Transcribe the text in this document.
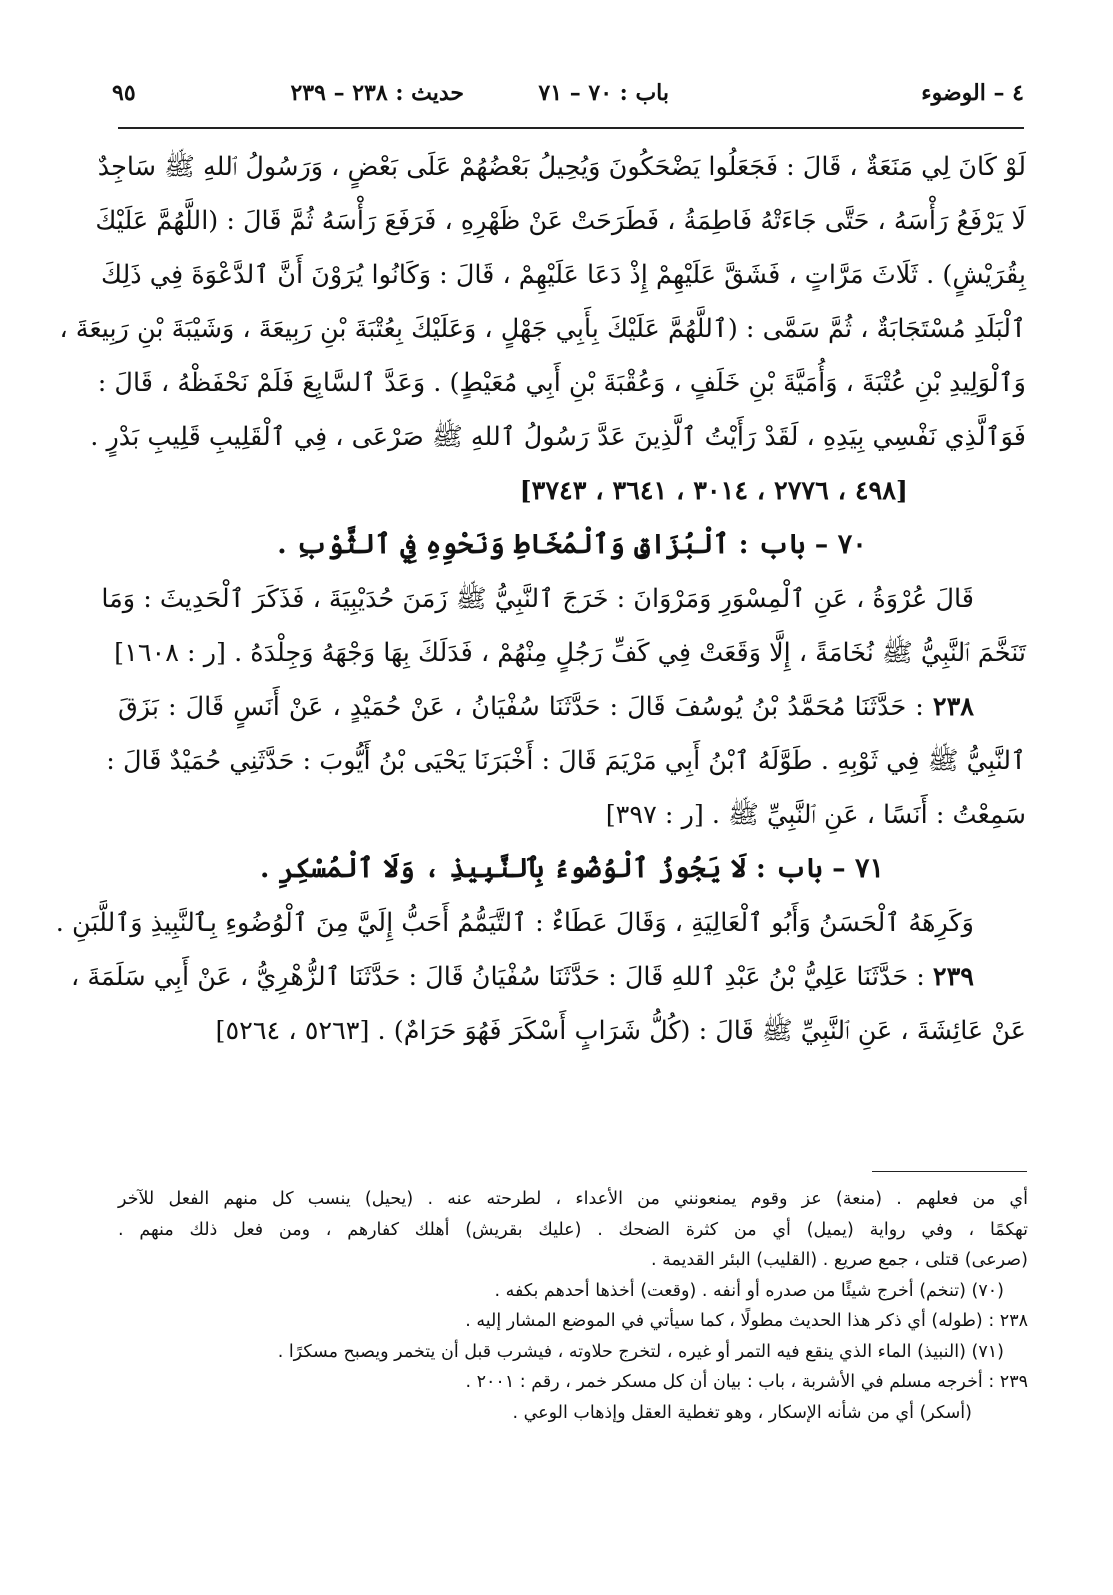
٤ – الوضوء
باب : ٧٠ – ٧١
حديث : ٢٣٨ – ٢٣٩
٩٥
لَوْ كَانَ لِي مَنَعَةٌ ، قَالَ : فَجَعَلُوا يَضْحَكُونَ وَيُحِيلُ بَعْضُهُمْ عَلَى بَعْضٍ ، وَرَسُولُ ٱللهِ ﷺ سَاجِدٌ
لَا يَرْفَعُ رَأْسَهُ ، حَتَّى جَاءَتْهُ فَاطِمَةُ ، فَطَرَحَتْ عَنْ ظَهْرِهِ ، فَرَفَعَ رَأْسَهُ ثُمَّ قَالَ : (اللَّهُمَّ عَلَيْكَ
بِقُرَيْشٍ) . ثَلَاثَ مَرَّاتٍ ، فَشَقَّ عَلَيْهِمْ إِذْ دَعَا عَلَيْهِمْ ، قَالَ : وَكَانُوا يُرَوْنَ أَنَّ ٱلدَّعْوَةَ فِي ذَلِكَ
ٱلْبَلَدِ مُسْتَجَابَةٌ ، ثُمَّ سَمَّى : (ٱللَّهُمَّ عَلَيْكَ بِأَبِي جَهْلٍ ، وَعَلَيْكَ بِعُتْبَةَ بْنِ رَبِيعَةَ ، وَشَيْبَةَ بْنِ رَبِيعَةَ ،
وَٱلْوَلِيدِ بْنِ عُتْبَةَ ، وَأُمَيَّةَ بْنِ خَلَفٍ ، وَعُقْبَةَ بْنِ أَبِي مُعَيْطٍ) . وَعَدَّ ٱلسَّابِعَ فَلَمْ نَحْفَظْهُ ، قَالَ :
فَوَٱلَّذِي نَفْسِي بِيَدِهِ ، لَقَدْ رَأَيْتُ ٱلَّذِينَ عَدَّ رَسُولُ ٱللهِ ﷺ صَرْعَى ، فِي ٱلْقَلِيبِ قَلِيبِ بَدْرٍ .
[٤٩٨ ، ٢٧٧٦ ، ٣٠١٤ ، ٣٦٤١ ، ٣٧٤٣]
٧٠ – باب : ٱلْبُزَاقِ وَٱلْمُخَاطِ وَنَحْوِهِ فِي ٱلثَّوْبِ .
قَالَ عُرْوَةُ ، عَنِ ٱلْمِسْوَرِ وَمَرْوَانَ : خَرَجَ ٱلنَّبِيُّ ﷺ زَمَنَ حُدَيْبِيَةَ ، فَذَكَرَ ٱلْحَدِيثَ : وَمَا
تَنَخَّمَ ٱلنَّبِيُّ ﷺ نُخَامَةً ، إِلَّا وَقَعَتْ فِي كَفِّ رَجُلٍ مِنْهُمْ ، فَدَلَكَ بِهَا وَجْهَهُ وَجِلْدَهُ . [ر : ١٦٠٨]
٢٣٨ : حَدَّثَنَا مُحَمَّدُ بْنُ يُوسُفَ قَالَ : حَدَّثَنَا سُفْيَانُ ، عَنْ حُمَيْدٍ ، عَنْ أَنَسٍ قَالَ : بَزَقَ
ٱلنَّبِيُّ ﷺ فِي ثَوْبِهِ . طَوَّلَهُ ٱبْنُ أَبِي مَرْيَمَ قَالَ : أَخْبَرَنَا يَحْيَى بْنُ أَيُّوبَ : حَدَّثَنِي حُمَيْدٌ قَالَ :
سَمِعْتُ : أَنَسًا ، عَنِ ٱلنَّبِيِّ ﷺ . [ر : ٣٩٧]
٧١ – باب : لَا يَجُوزُ ٱلْوُضُوءُ بِٱلنَّبِيذِ ، وَلَا ٱلْمُسْكِرِ .
وَكَرِهَهُ ٱلْحَسَنُ وَأَبُو ٱلْعَالِيَةِ ، وَقَالَ عَطَاءٌ : ٱلتَّيَمُّمُ أَحَبُّ إِلَيَّ مِنَ ٱلْوُضُوءِ بِٱلنَّبِيذِ وَٱللَّبَنِ .
٢٣٩ : حَدَّثَنَا عَلِيُّ بْنُ عَبْدِ ٱللهِ قَالَ : حَدَّثَنَا سُفْيَانُ قَالَ : حَدَّثَنَا ٱلزُّهْرِيُّ ، عَنْ أَبِي سَلَمَةَ ،
عَنْ عَائِشَةَ ، عَنِ ٱلنَّبِيِّ ﷺ قَالَ : (كُلُّ شَرَابٍ أَسْكَرَ فَهُوَ حَرَامٌ) . [٥٢٦٣ ، ٥٢٦٤]
أي من فعلهم . (منعة) عز وقوم يمنعونني من الأعداء ، لطرحته عنه . (يحيل) ينسب كل منهم الفعل للآخر
تهكمًا ، وفي رواية (يميل) أي من كثرة الضحك . (عليك بقريش) أهلك كفارهم ، ومن فعل ذلك منهم .
(صرعى) قتلى ، جمع صريع . (القليب) البئر القديمة .
(٧٠) (تنخم) أخرج شيئًا من صدره أو أنفه . (وقعت) أخذها أحدهم بكفه .
٢٣٨ : (طوله) أي ذكر هذا الحديث مطولًا ، كما سيأتي في الموضع المشار إليه .
(٧١) (النبيذ) الماء الذي ينقع فيه التمر أو غيره ، لتخرج حلاوته ، فيشرب قبل أن يتخمر ويصبح مسكرًا .
٢٣٩ : أخرجه مسلم في الأشربة ، باب : بيان أن كل مسكر خمر ، رقم : ٢٠٠١ .
(أسكر) أي من شأنه الإسكار ، وهو تغطية العقل وإذهاب الوعي .
